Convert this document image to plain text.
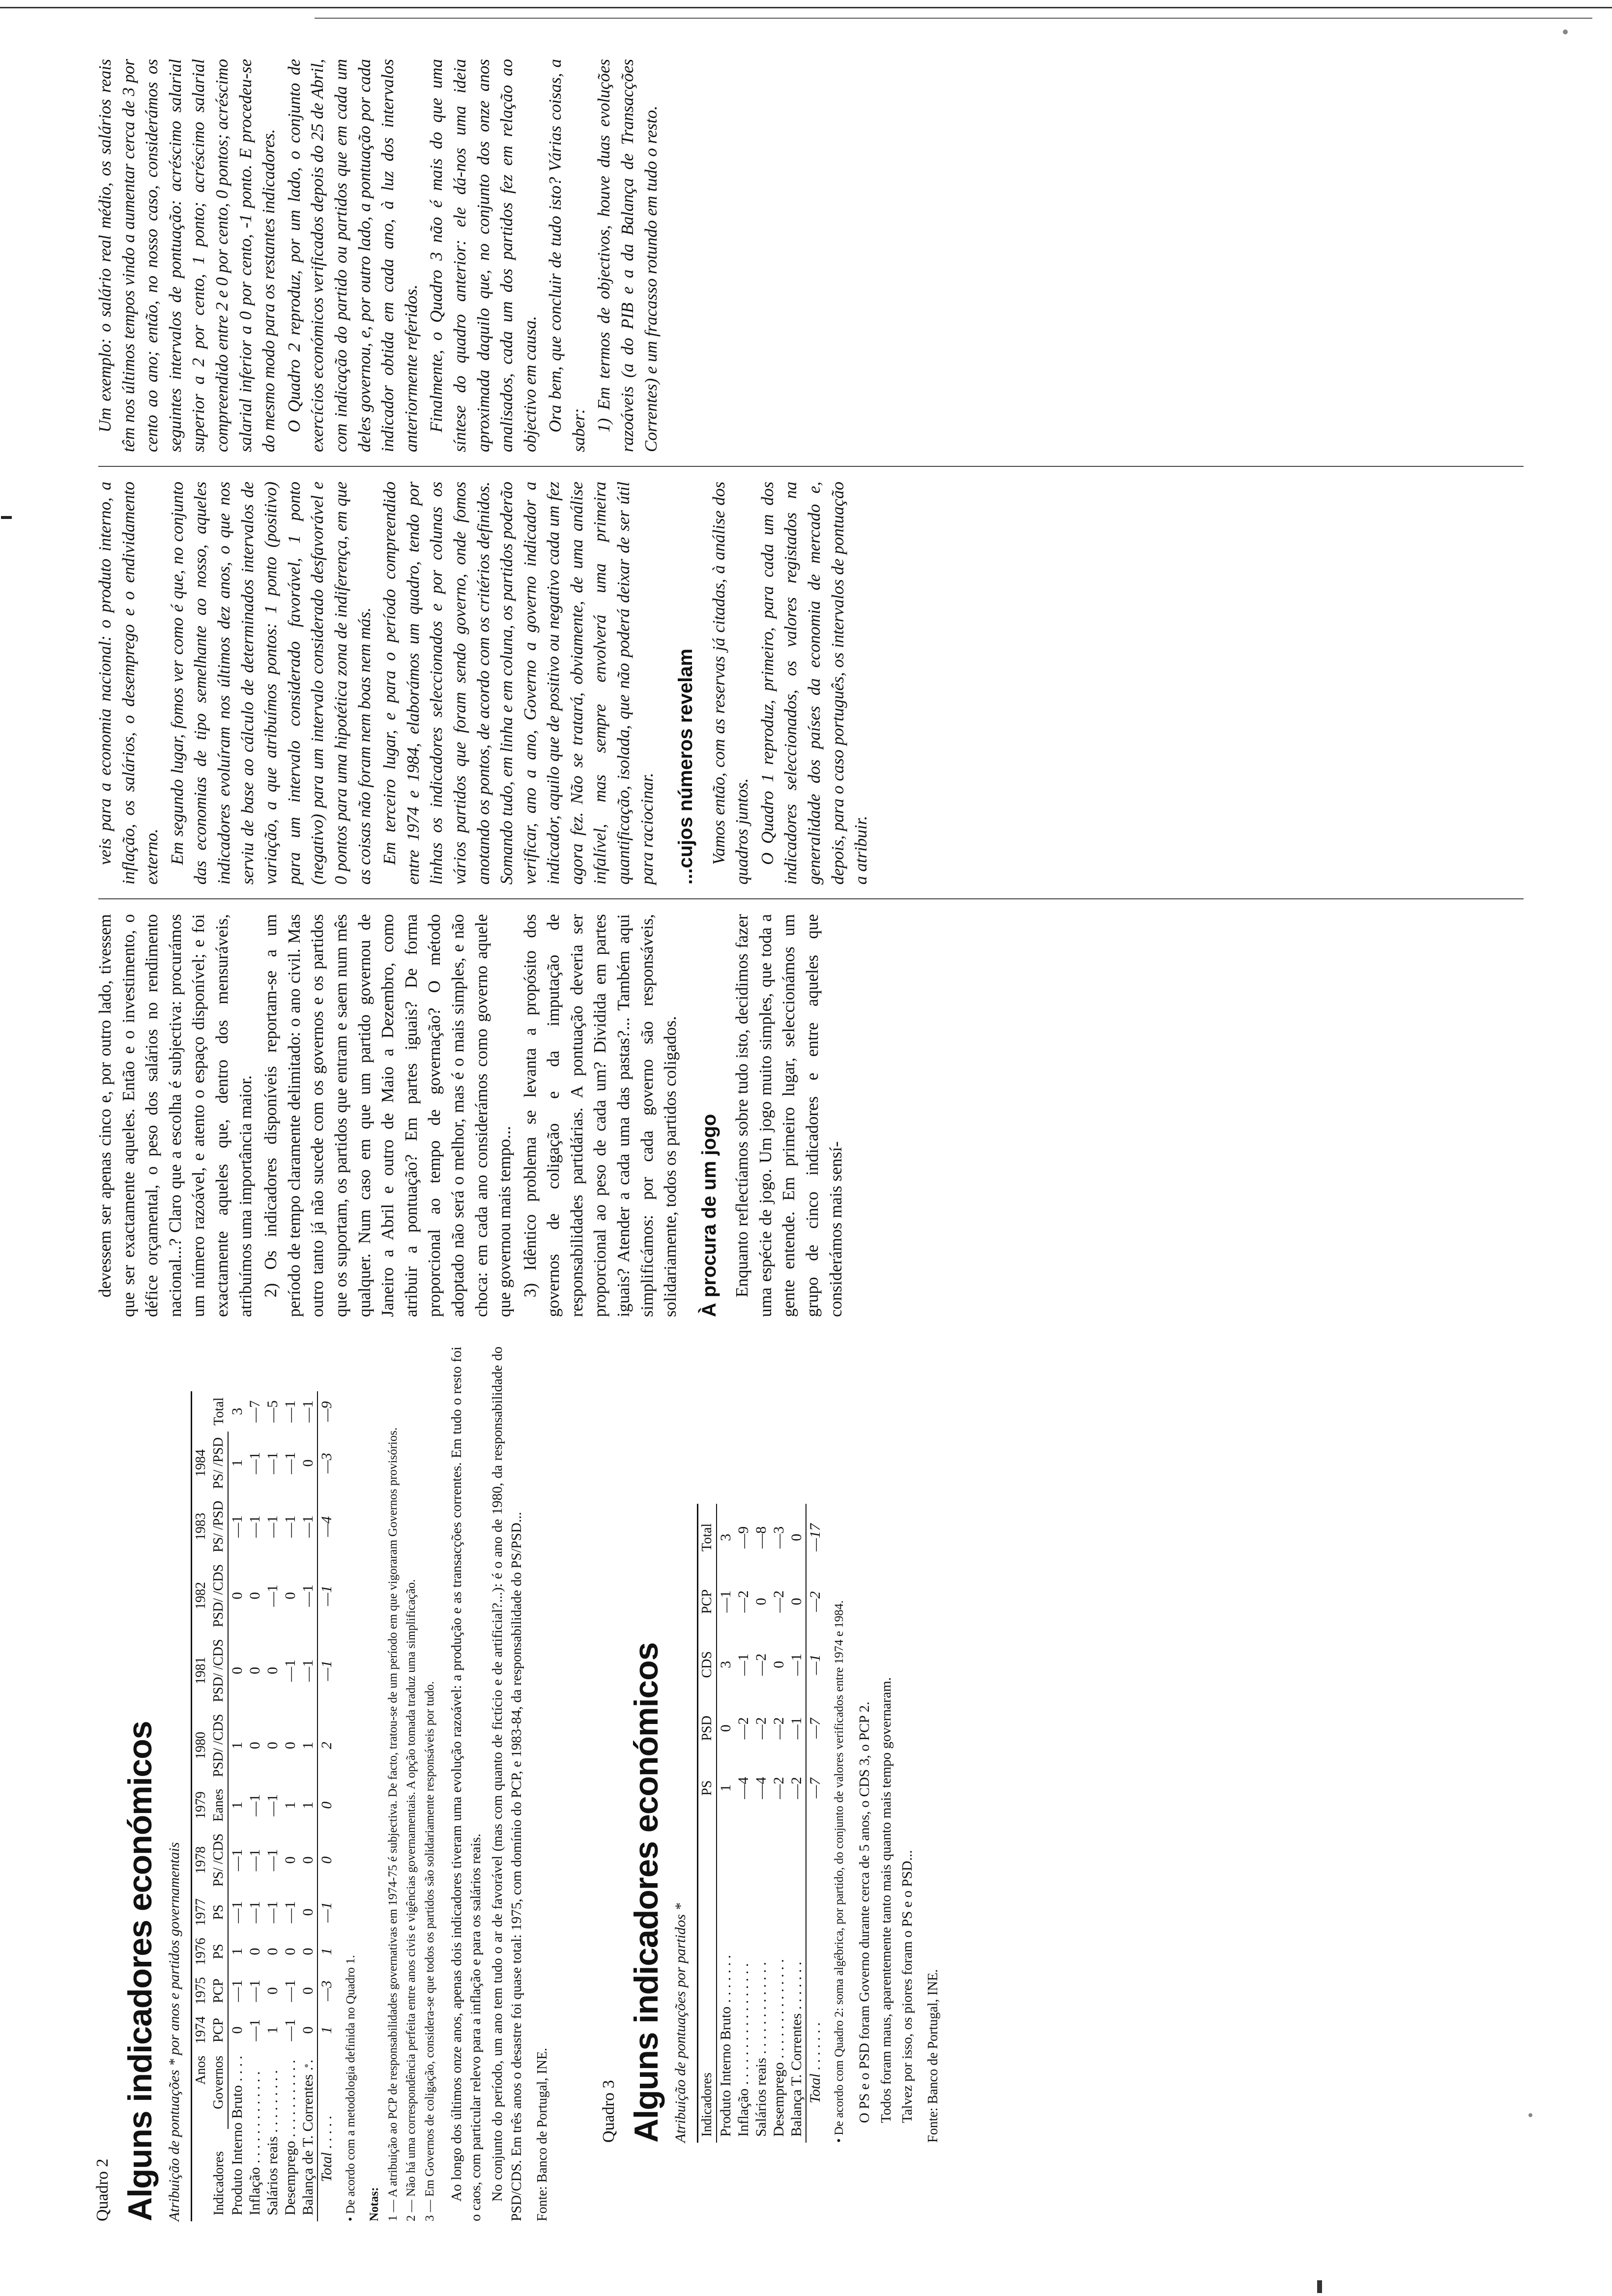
Quadro 2 Alguns indicadores económicos Atribuição de pontuações * por anos e partidos governamentais Indicadores	Anos	1974	1975	1976	1977	1978	1979	1980	1981	1982	1983	1984	Total
	Governos	PCP	PCP	PS	PS	PS/ /CDS	Eanes	PSD/ /CDS	PSD/ /CDS	PSD/ /CDS	PS/ /PSD	PS/ /PSD	
Produto Interno Bruto . . . .		0	—1	1	—1	—1	1	1	0	0	—1	1	3
Inflação . . . . . . . . . . . . .		—1	—1	0	—1	—1	—1	0	0	0	—1	—1	—7
Salários reais . . . . . . . . .		1	0	0	—1	—1	—1	0	0	—1	—1	—1	—5
Desemprego . . . . . . . . . . .		—1	—1	0	—1	0	1	0	—1	0	—1	—1	—1
Balança de T. Correntes . .		0	0	0	0	0	1	1	—1	—1	—1	0	—1
Total . . . . .		1	—3	1	—1	0	0	2	—1	—1	—4	—3	—9
• De acordo com a metodologia definida no Quadro 1. Notas: 1 — A atribuição ao PCP de responsabilidades governativas em 1974-75 é subjectiva. De facto, tratou-se de um período em que vigoraram Governos provisórios. 2 — Não há uma correspondência perfeita entre anos civis e vigências governamentais. A opção tomada traduz uma simplificação. 3 — Em Governos de coligação, considera-se que todos os partidos são solidariamente responsáveis por tudo. Ao longo dos últimos onze anos, apenas dois indicadores tiveram uma evolução razoável: a produção e as transacções correntes. Em tudo o resto foi o caos, com particular relevo para a inflação e para os salários reais. No conjunto do período, um ano tem tudo o ar de favorável (mas com quanto de fictício e de artificial?...): é o ano de 1980, da responsabilidade do PSD/CDS. Em três anos o desastre foi quase total: 1975, com domínio do PCP, e 1983-84, da responsabilidade do PS/PSD... Fonte: Banco de Portugal, INE.	Quadro 3 Alguns indicadores económicos Atribuição de pontuações por partidos * Indicadores	PS	PSD	CDS	PCP	Total
Produto Interno Bruto . . . . . . .	1	0	3	—1	3
Inflação . . . . . . . . . . . . . . . . .	—4	—2	—1	—2	—9
Salários reais . . . . . . . . . . . . .	—4	—2	—2	0	—8
Desemprego . . . . . . . . . . . . . .	—2	—2	0	—2	—3
Balança T. Correntes . . . . . . .	—2	—1	—1	0	0
Total . . . . . . .	—7	—7	—1	—2	—17
• De acordo com Quadro 2: soma algébrica, por partido, do conjunto de valores verificados entre 1974 e 1984. O PS e o PSD foram Governo durante cerca de 5 anos, o CDS 3, o PCP 2. Todos foram maus, aparentemente tanto mais quanto mais tempo governaram. Talvez por isso, os piores foram o PS e o PSD... Fonte: Banco de Portugal, INE.

devessem ser apenas cinco e, por outro lado, tivessem que ser exactamente aqueles. Então e o investimento, o défice orçamental, o peso dos salários no rendimento nacional...? Claro que a escolha é subjectiva: procurámos um número razoável, e atento o espaço disponível; e foi exactamente aqueles que, dentro dos mensuráveis, atribuímos uma importância maior. 2) Os indicadores disponíveis reportam-se a um período de tempo claramente delimitado: o ano civil. Mas outro tanto já não sucede com os governos e os partidos que os suportam, os partidos que entram e saem num mês qualquer. Num caso em que um partido governou de Janeiro a Abril e outro de Maio a Dezembro, como atribuir a pontuação? Em partes iguais? De forma proporcional ao tempo de governação? O método adoptado não será o melhor, mas é o mais simples, e não choca: em cada ano considerámos como governo aquele que governou mais tempo... 3) Idêntico problema se levanta a propósito dos governos de coligação e da imputação de responsabilidades partidárias. A pontuação deveria ser proporcional ao peso de cada um? Dividida em partes iguais? Atender a cada uma das pastas?... Também aqui simplificámos: por cada governo são responsáveis, solidariamente, todos os partidos coligados. À procura de um jogo Enquanto reflectíamos sobre tudo isto, decidimos fazer uma espécie de jogo. Um jogo muito simples, que toda a gente entende. Em primeiro lugar, seleccionámos um grupo de cinco indicadores e entre aqueles que considerámos mais sensí-

veis para a economia nacional: o produto interno, a inflação, os salários, o desemprego e o endividamento externo. Em segundo lugar, fomos ver como é que, no conjunto das economias de tipo semelhante ao nosso, aqueles indicadores evoluíram nos últimos dez anos, o que nos serviu de base ao cálculo de determinados intervalos de variação, a que atribuímos pontos: 1 ponto (positivo) para um intervalo considerado favorável, 1 ponto (negativo) para um intervalo considerado desfavorável e 0 pontos para uma hipotética zona de indiferença, em que as coisas não foram nem boas nem más. Em terceiro lugar, e para o período compreendido entre 1974 e 1984, elaborámos um quadro, tendo por linhas os indicadores seleccionados e por colunas os vários partidos que foram sendo governo, onde fomos anotando os pontos, de acordo com os critérios definidos. Somando tudo, em linha e em coluna, os partidos poderão verificar, ano a ano, Governo a governo indicador a indicador, aquilo que de positivo ou negativo cada um fez agora fez. Não se tratará, obviamente, de uma análise infalível, mas sempre envolverá uma primeira quantificação, isolada, que não poderá deixar de ser útil para raciocinar. ...cujos números revelam Vamos então, com as reservas já citadas, à análise dos quadros juntos. O Quadro 1 reproduz, primeiro, para cada um dos indicadores seleccionados, os valores registados na generalidade dos países da economia de mercado e, depois, para o caso português, os intervalos de pontuação a atribuir.

Um exemplo: o salário real médio, os salários reais têm nos últimos tempos vindo a aumentar cerca de 3 por cento ao ano; então, no nosso caso, considerámos os seguintes intervalos de pontuação: acréscimo salarial superior a 2 por cento, 1 ponto; acréscimo salarial compreendido entre 2 e 0 por cento, 0 pontos; acréscimo salarial inferior a 0 por cento, -1 ponto. E procedeu-se do mesmo modo para os restantes indicadores. O Quadro 2 reproduz, por um lado, o conjunto de exercícios económicos verificados depois do 25 de Abril, com indicação do partido ou partidos que em cada um deles governou, e, por outro lado, a pontuação por cada indicador obtida em cada ano, à luz dos intervalos anteriormente referidos. Finalmente, o Quadro 3 não é mais do que uma síntese do quadro anterior: ele dá-nos uma ideia aproximada daquilo que, no conjunto dos onze anos analisados, cada um dos partidos fez em relação ao objectivo em causa. Ora bem, que concluir de tudo isto? Várias coisas, a saber: 1) Em termos de objectivos, houve duas evoluções razoáveis (a do PIB e a da Balança de Transacções Correntes) e um fracasso rotundo em tudo o resto.
